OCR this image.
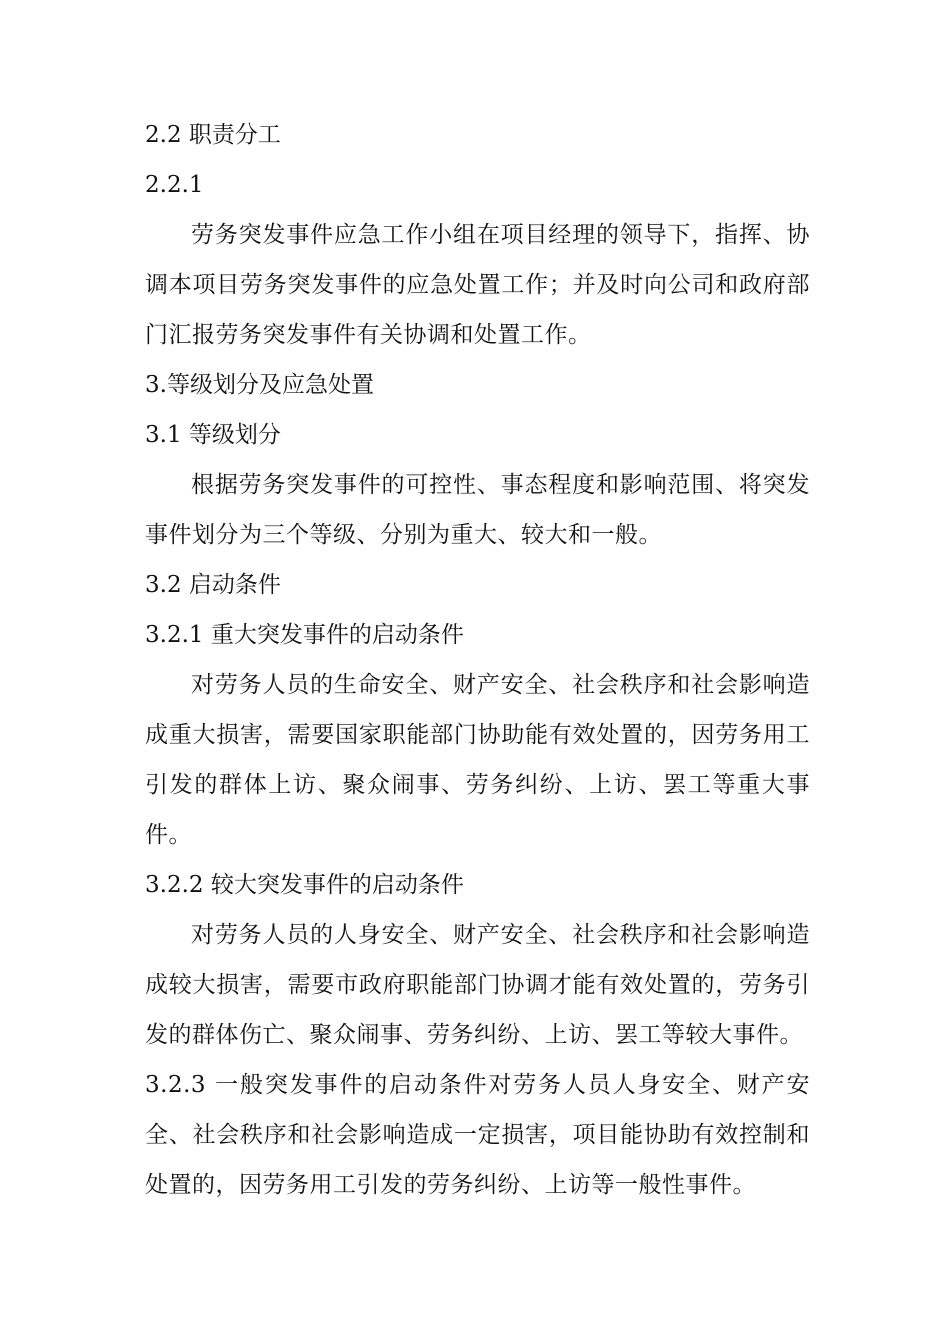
2.2 职责分工
2.2.1

劳务突发事件应急工作小组在项目经理的领导下，指挥、协调本项目劳务突发事件的应急处置工作；并及时向公司和政府部门汇报劳务突发事件有关协调和处置工作。

3.等级划分及应急处置
3.1 等级划分

根据劳务突发事件的可控性、事态程度和影响范围、将突发事件划分为三个等级、分别为重大、较大和一般。

3.2 启动条件
3.2.1 重大突发事件的启动条件

对劳务人员的生命安全、财产安全、社会秩序和社会影响造成重大损害，需要国家职能部门协助能有效处置的，因劳务用工引发的群体上访、聚众闹事、劳务纠纷、上访、罢工等重大事件。

3.2.2 较大突发事件的启动条件

对劳务人员的人身安全、财产安全、社会秩序和社会影响造成较大损害，需要市政府职能部门协调才能有效处置的，劳务引发的群体伤亡、聚众闹事、劳务纠纷、上访、罢工等较大事件。

3.2.3 一般突发事件的启动条件对劳务人员人身安全、财产安全、社会秩序和社会影响造成一定损害，项目能协助有效控制和处置的，因劳务用工引发的劳务纠纷、上访等一般性事件。
